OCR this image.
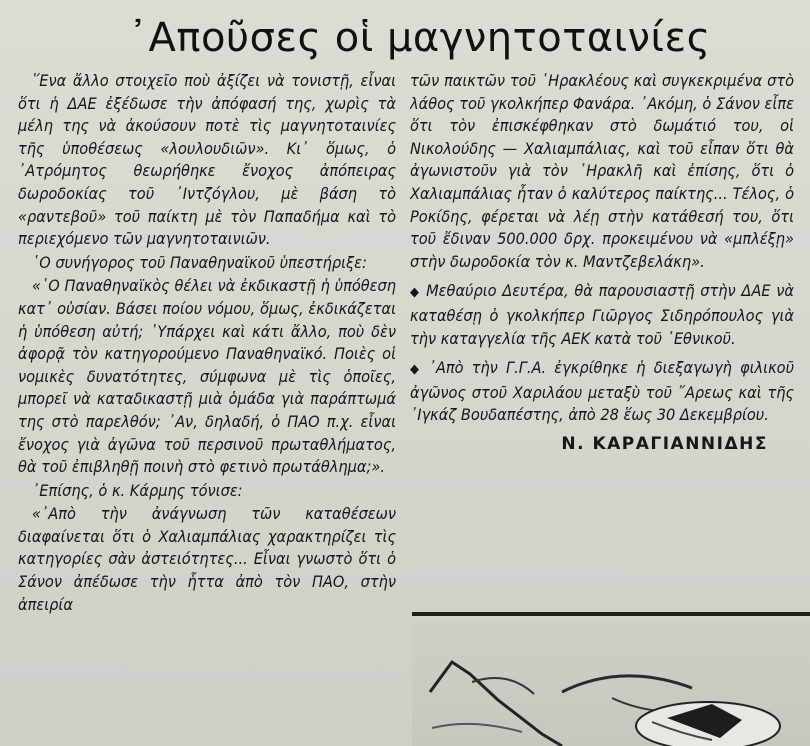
᾽Απoῦσες οἱ μαγνητοταινίες

῞Ενα ἄλλο στοιχεῖο ποὺ ἀξίζει νὰ τονιστῇ, εἶναι ὅτι ἡ ΔΑΕ ἐξέδωσε τὴν ἀπόφασή της, χωρὶς τὰ μέλη της νὰ ἀκούσουν ποτὲ τὶς μαγνητοταινίες τῆς ὑποθέσεως «λουλουδιῶν». Κι᾽ ὅμως, ὁ ᾽Ατρόμητος θεωρήθηκε ἔνοχος ἀπόπειρας δωροδοκίας τοῦ ᾽Ιντζόγλου, μὲ βάση τὸ «ραντεβοῦ» τοῦ παίκτη μὲ τὸν Παπαδήμα καὶ τὸ περιεχόμενο τῶν μαγνητοταινιῶν.

῾Ο συνήγορος τοῦ Παναθηναϊκοῦ ὑπεστήριξε:

«῾Ο Παναθηναϊκὸς θέλει νὰ ἐκδικαστῇ ἡ ὑπόθεση κατ᾽ οὐσίαν. Βάσει ποίου νόμου, ὅμως, ἐκδικάζεται ἡ ὑπόθεση αὐτή; ῾Υπάρχει καὶ κάτι ἄλλο, ποὺ δὲν ἀφορᾷ τὸν κατηγορούμενο Παναθηναϊκό. Ποιὲς οἱ νομικὲς δυνατότητες, σύμφωνα μὲ τὶς ὁποῖες, μπορεῖ νὰ καταδικαστῇ μιὰ ὁμάδα γιὰ παράπτωμά της στὸ παρελθόν; ᾽Αν, δηλαδή, ὁ ΠΑΟ π.χ. εἶναι ἔνοχος γιὰ ἀγῶνα τοῦ περσινοῦ πρωταθλήματος, θὰ τοῦ ἐπιβληθῇ ποινὴ στὸ φετινὸ πρωτάθλημα;».

᾽Επίσης, ὁ κ. Κάρμης τόνισε:

«᾽Απὸ τὴν ἀνάγνωση τῶν καταθέσεων διαφαίνεται ὅτι ὁ Χαλιαμπάλιας χαρακτηρίζει τὶς κατηγορίες σὰν ἀστειότητες... Εἶναι γνωστὸ ὅτι ὁ Σάνον ἀπέδωσε τὴν ἧττα ἀπὸ τὸν ΠΑΟ, στὴν ἀπειρία

τῶν παικτῶν τοῦ ῾Ηρακλέους καὶ συγκεκριμένα στὸ λάθος τοῦ γκολκήπερ Φανάρα. ᾽Ακόμη, ὁ Σάνον εἶπε ὅτι τὸν ἐπισκέφθηκαν στὸ δωμάτιό του, οἱ Νικολούδης — Χαλιαμπάλιας, καὶ τοῦ εἶπαν ὅτι θὰ ἀγωνιστοῦν γιὰ τὸν ῾Ηρακλῆ καὶ ἐπίσης, ὅτι ὁ Χαλιαμπάλιας ἦταν ὁ καλύτερος παίκτης... Τέλος, ὁ Ροκίδης, φέρεται νὰ λέῃ στὴν κατάθεσή του, ὅτι τοῦ ἔδιναν 500.000 δρχ. προκειμένου νὰ «μπλέξῃ» στὴν δωροδοκία τὸν κ. Μαντζεβελάκη».

◆ Μεθαύριο Δευτέρα, θὰ παρουσιαστῇ στὴν ΔΑΕ νὰ καταθέσῃ ὁ γκολκήπερ Γιῶργος Σιδηρόπουλος γιὰ τὴν καταγγελία τῆς ΑΕΚ κατὰ τοῦ ᾽Εθνικοῦ.

◆ ᾽Απὸ τὴν Γ.Γ.Α. ἐγκρίθηκε ἡ διεξαγωγὴ φιλικοῦ ἀγῶνος στοῦ Χαριλάου μεταξὺ τοῦ ῎Αρεως καὶ τῆς ᾽Ιγκάζ Βουδαπέστης, ἀπὸ 28 ἕως 30 Δεκεμβρίου.

Ν. ΚΑΡΑΓΙΑΝΝΙΔΗΣ
